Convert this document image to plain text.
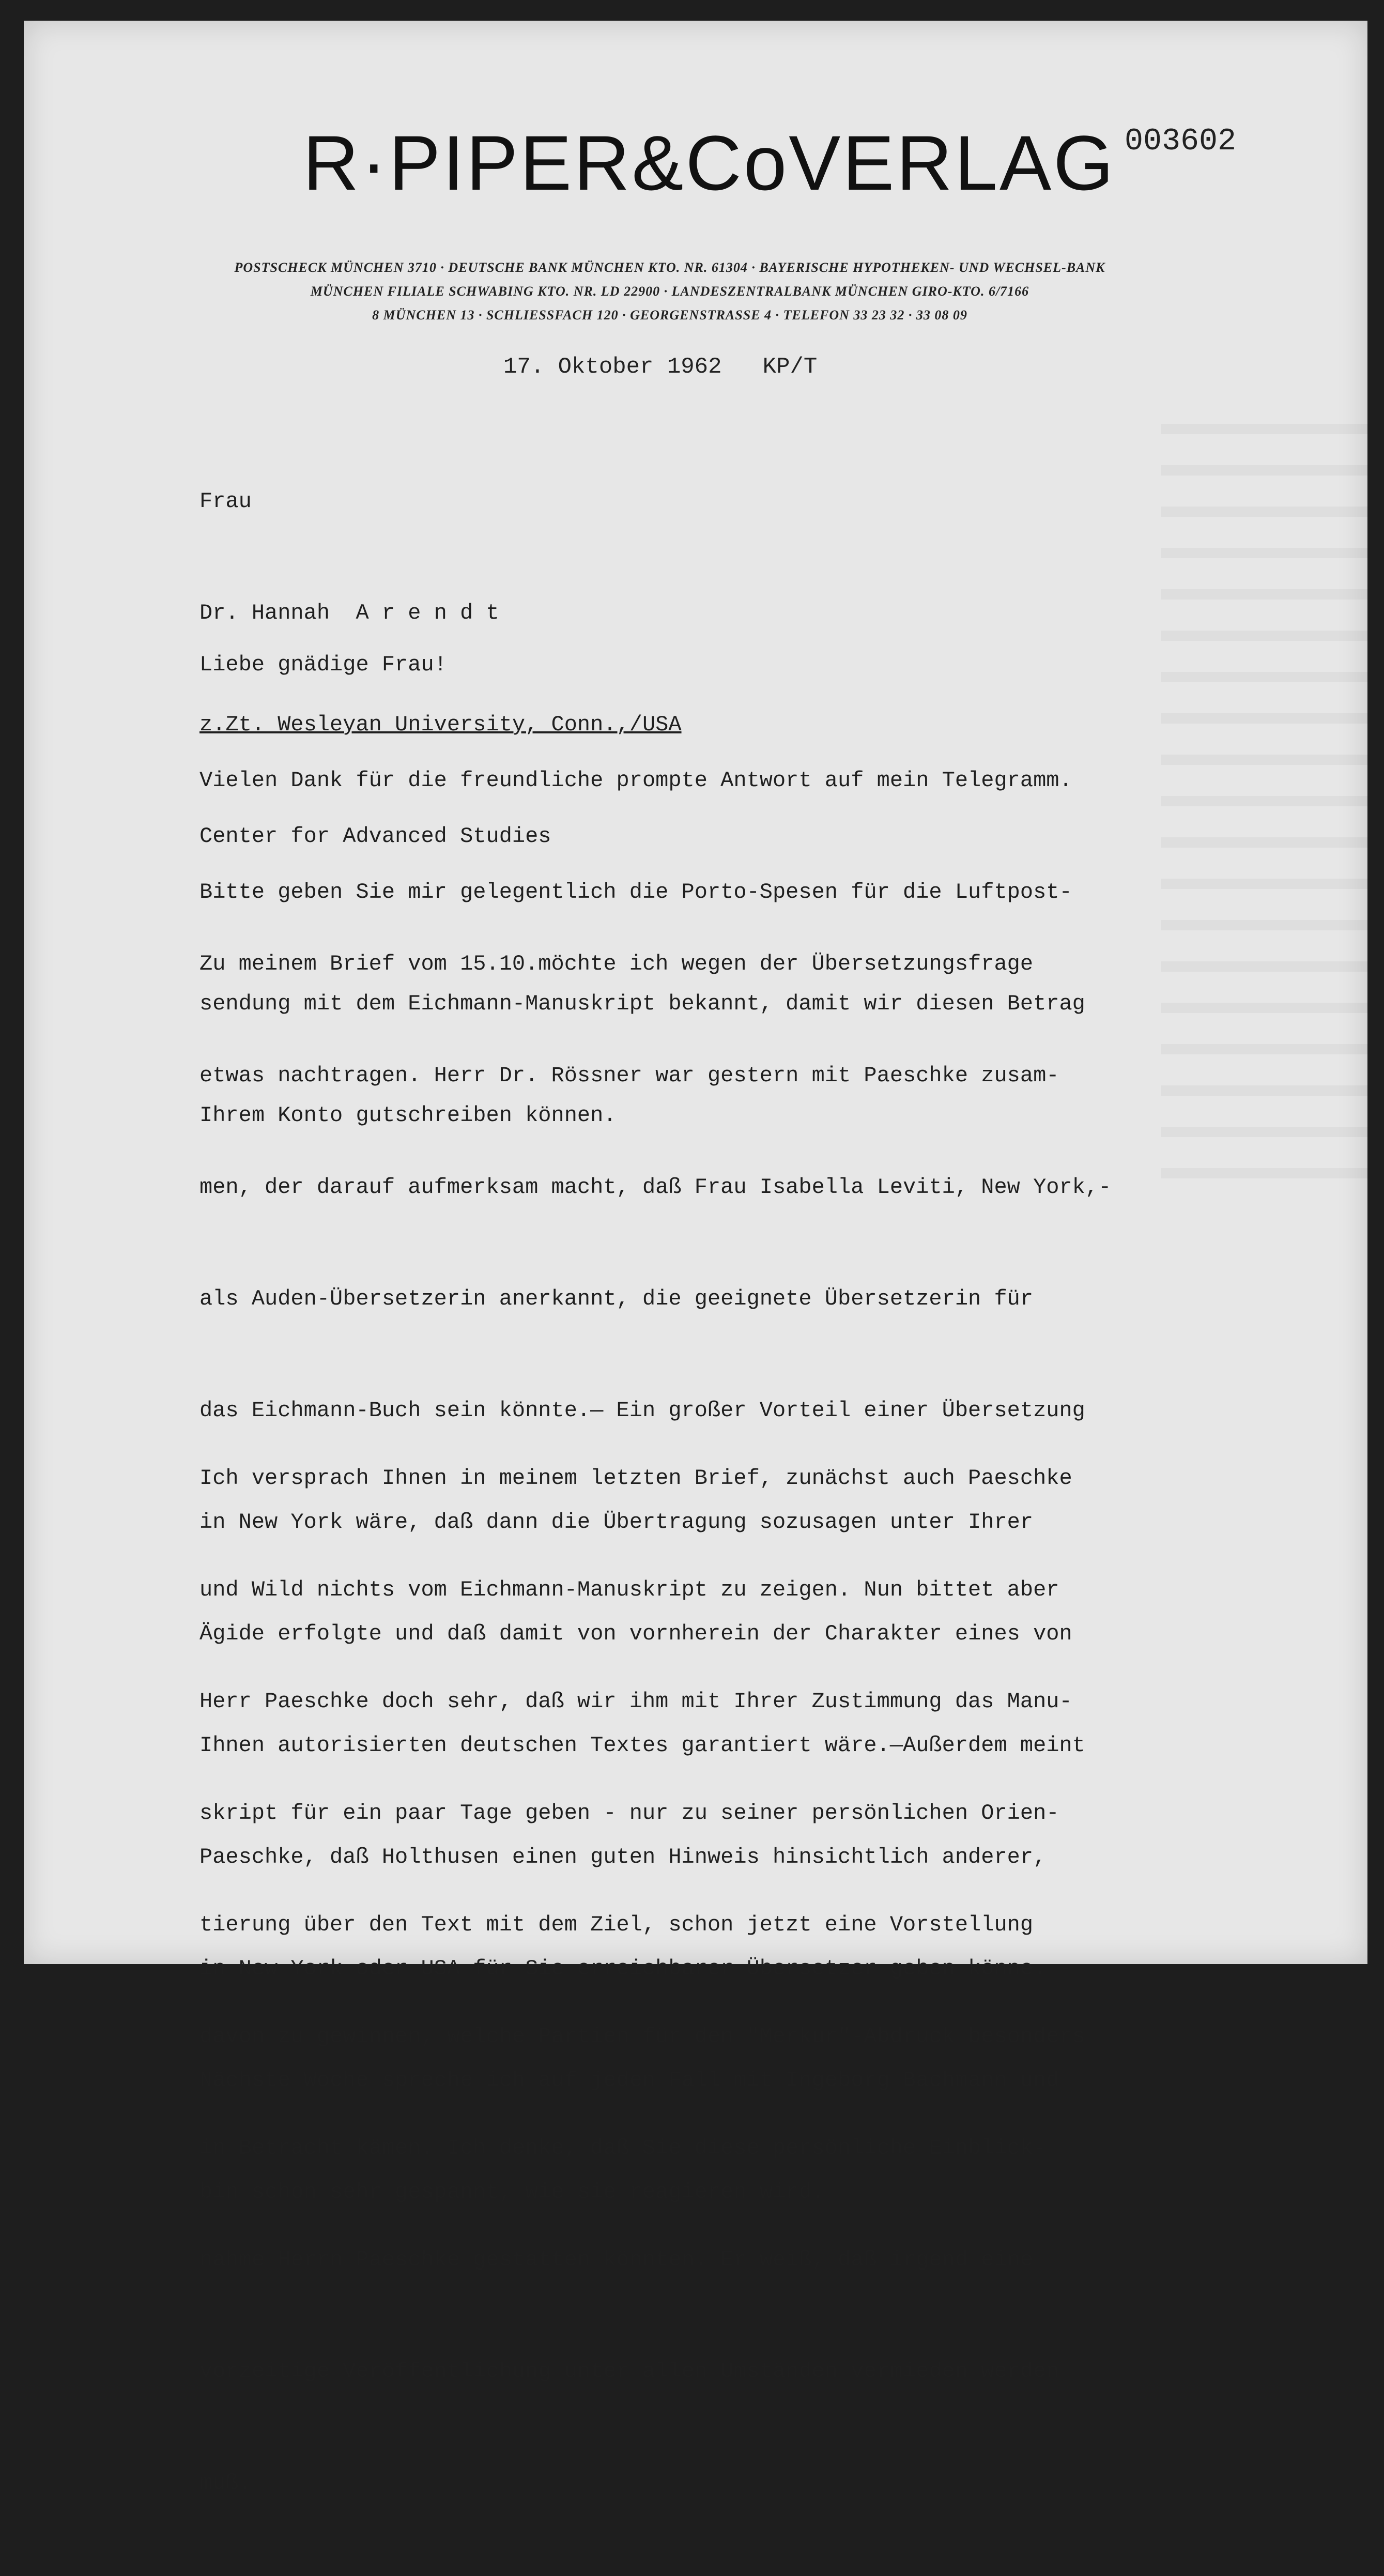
R·PIPER&CoVERLAG 003602
POSTSCHECK MÜNCHEN 3710 · DEUTSCHE BANK MÜNCHEN KTO. NR. 61304 · BAYERISCHE HYPOTHEKEN- UND WECHSEL-BANK
MÜNCHEN FILIALE SCHWABING KTO. NR. LD 22900 · LANDESZENTRALBANK MÜNCHEN GIRO-KTO. 6/7166
8 MÜNCHEN 13 · SCHLIESSFACH 120 · GEORGENSTRASSE 4 · TELEFON 33 23 32 · 33 08 09
17. Oktober 1962   KP/T

Frau

Dr. Hannah  A r e n d t

z.Zt. Wesleyan University, Conn.,/USA

Center for Advanced Studies

Liebe gnädige Frau!

Vielen Dank für die freundliche prompte Antwort auf mein Telegramm.

Bitte geben Sie mir gelegentlich die Porto-Spesen für die Luftpost-

sendung mit dem Eichmann-Manuskript bekannt, damit wir diesen Betrag

Ihrem Konto gutschreiben können.

Zu meinem Brief vom 15.10.möchte ich wegen der Übersetzungsfrage

etwas nachtragen. Herr Dr. Rössner war gestern mit Paeschke zusam-

men, der darauf aufmerksam macht, daß Frau Isabella Leviti, New York,-

als Auden-Übersetzerin anerkannt, die geeignete Übersetzerin für

das Eichmann-Buch sein könnte.— Ein großer Vorteil einer Übersetzung

in New York wäre, daß dann die Übertragung sozusagen unter Ihrer

Ägide erfolgte und daß damit von vornherein der Charakter eines von

Ihnen autorisierten deutschen Textes garantiert wäre.—Außerdem meint

Paeschke, daß Holthusen einen guten Hinweis hinsichtlich anderer,

in New York oder USA für Sie erreichbarer Übersetzer geben könne. -

Nächste Woche spreche ich auf jeden Fall mit Ingeborg Bachmann und

bin schon sehr gespannt, wie sie reagieren wird.

Ich versprach Ihnen in meinem letzten Brief, zunächst auch Paeschke

und Wild nichts vom Eichmann-Manuskript zu zeigen. Nun bittet aber

Herr Paeschke doch sehr, daß wir ihm mit Ihrer Zustimmung das Manu-

skript für ein paar Tage geben - nur zu seiner persönlichen Orien-

tierung über den Text mit dem Ziel, schon jetzt eine Vorstellung

davon zu gewinnen, welche Partien für den "Merkur"-Abdruck besonders

in Betracht kämen. Ich denke, daß Sie diese persönliche Einblick-

nahme Herrn Paeschke gestatten könnten. Er weiß, daß irgend eine

vorzeitige Veröffentlichung unter allen Umständen vermieden werden

muß.
